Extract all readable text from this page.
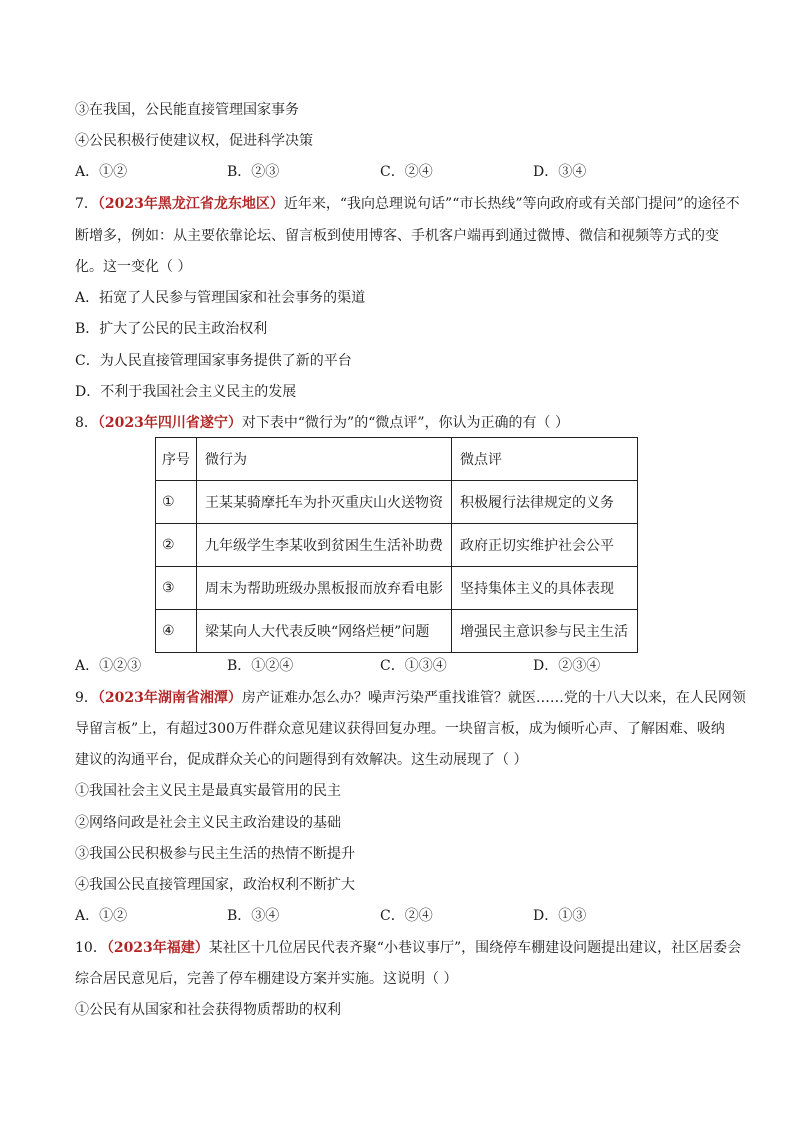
③在我国，公民能直接管理国家事务
④公民积极行使建议权，促进科学决策
A．①②	B．②③	C．②④	D．③④
7．（2023年黑龙江省龙东地区）近年来，“我向总理说句话”“市长热线”等向政府或有关部门提问”的途径不
断增多，例如：从主要依靠论坛、留言板到使用博客、手机客户端再到通过微博、微信和视频等方式的变
化。这一变化（ ）
A．拓宽了人民参与管理国家和社会事务的渠道
B．扩大了公民的民主政治权利
C．为人民直接管理国家事务提供了新的平台
D．不利于我国社会主义民主的发展
8．（2023年四川省遂宁）对下表中“微行为”的“微点评”，你认为正确的有（ ）
序号	微行为	微点评
①	王某某骑摩托车为扑灭重庆山火送物资	积极履行法律规定的义务
②	九年级学生李某收到贫困生生活补助费	政府正切实维护社会公平
③	周末为帮助班级办黑板报而放弃看电影	坚持集体主义的具体表现
④	梁某向人大代表反映“网络烂梗”问题	增强民主意识参与民主生活
A．①②③	B．①②④	C．①③④	D．②③④
9．（2023年湖南省湘潭）房产证难办怎么办？噪声污染严重找谁管？就医……党的十八大以来，在人民网领
导留言板”上，有超过300万件群众意见建议获得回复办理。一块留言板，成为倾听心声、了解困难、吸纳
建议的沟通平台，促成群众关心的问题得到有效解决。这生动展现了（ ）
①我国社会主义民主是最真实最管用的民主
②网络问政是社会主义民主政治建设的基础
③我国公民积极参与民主生活的热情不断提升
④我国公民直接管理国家，政治权利不断扩大
A．①②	B．③④	C．②④	D．①③
10．（2023年福建）某社区十几位居民代表齐聚“小巷议事厅”，围绕停车棚建设问题提出建议，社区居委会
综合居民意见后，完善了停车棚建设方案并实施。这说明（ ）
①公民有从国家和社会获得物质帮助的权利
